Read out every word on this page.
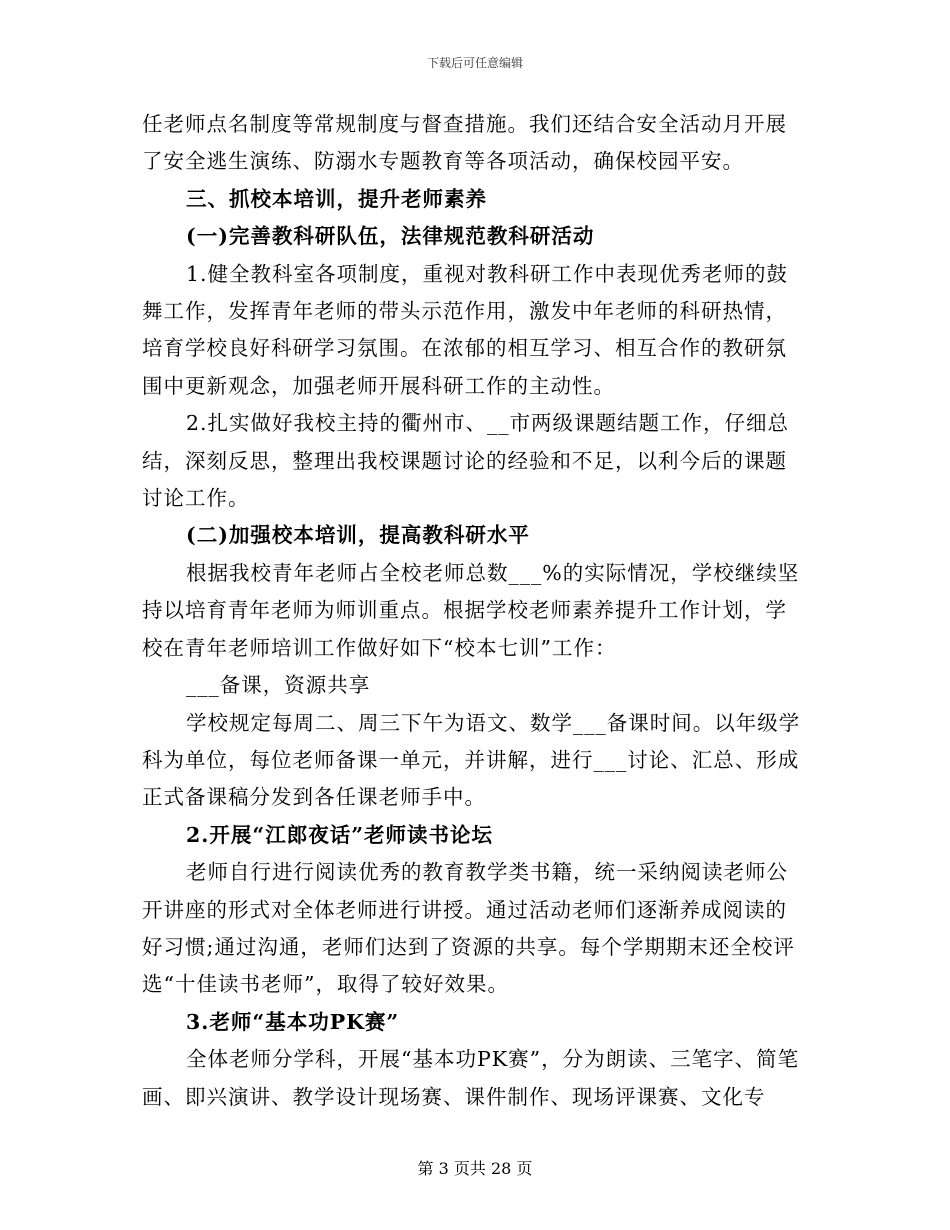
下载后可任意编辑

任老师点名制度等常规制度与督查措施。我们还结合安全活动月开展了安全逃生演练、防溺水专题教育等各项活动，确保校园平安。

三、抓校本培训，提升老师素养

(一)完善教科研队伍，法律规范教科研活动

1.健全教科室各项制度，重视对教科研工作中表现优秀老师的鼓舞工作，发挥青年老师的带头示范作用，激发中年老师的科研热情，培育学校良好科研学习氛围。在浓郁的相互学习、相互合作的教研氛围中更新观念，加强老师开展科研工作的主动性。

2.扎实做好我校主持的衢州市、__市两级课题结题工作，仔细总结，深刻反思，整理出我校课题讨论的经验和不足，以利今后的课题讨论工作。

(二)加强校本培训，提高教科研水平

根据我校青年老师占全校老师总数___%的实际情况，学校继续坚持以培育青年老师为师训重点。根据学校老师素养提升工作计划，学校在青年老师培训工作做好如下“校本七训”工作：

___备课，资源共享

学校规定每周二、周三下午为语文、数学___备课时间。以年级学科为单位，每位老师备课一单元，并讲解，进行___讨论、汇总、形成正式备课稿分发到各任课老师手中。

2.开展“江郎夜话”老师读书论坛

老师自行进行阅读优秀的教育教学类书籍，统一采纳阅读老师公开讲座的形式对全体老师进行讲授。通过活动老师们逐渐养成阅读的好习惯;通过沟通，老师们达到了资源的共享。每个学期期末还全校评选“十佳读书老师”，取得了较好效果。

3.老师“基本功PK赛”

全体老师分学科，开展“基本功PK赛”，分为朗读、三笔字、简笔画、即兴演讲、教学设计现场赛、课件制作、现场评课赛、文化专

第 3 页共 28 页
